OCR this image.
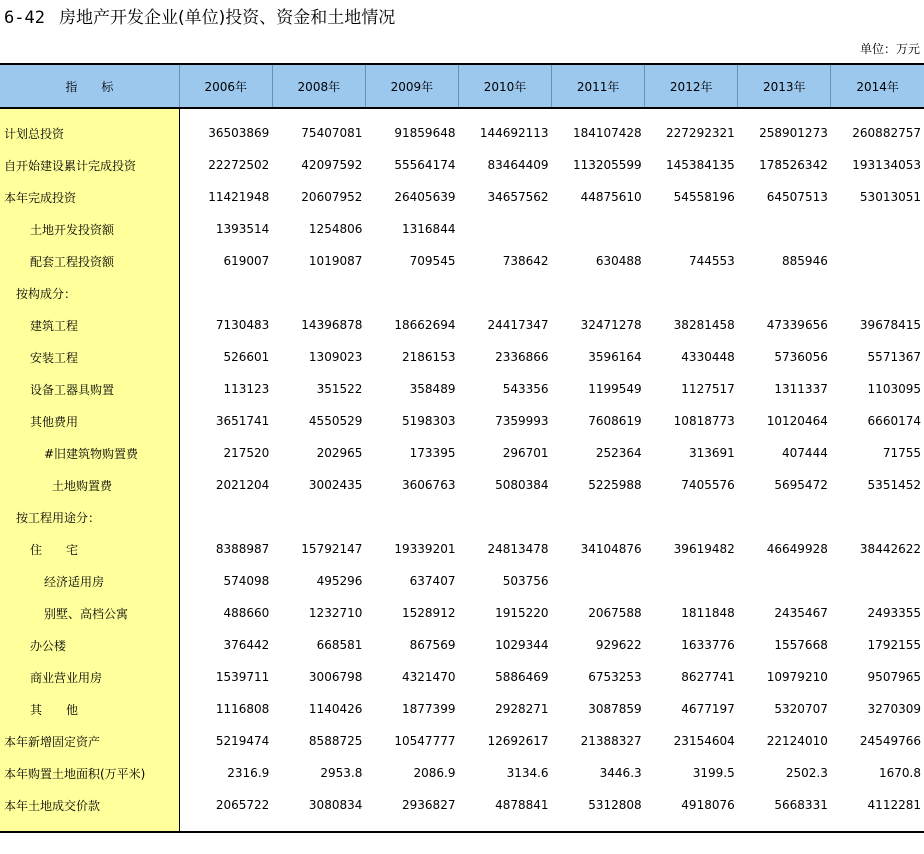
6-42 房地产开发企业(单位)投资、资金和土地情况
单位：万元
指　　标	2006年	2008年	2009年	2010年	2011年	2012年	2013年	2014年
计划总投资	36503869	75407081	91859648	144692113	184107428	227292321	258901273	260882757
自开始建设累计完成投资	22272502	42097592	55564174	83464409	113205599	145384135	178526342	193134053
本年完成投资	11421948	20607952	26405639	34657562	44875610	54558196	64507513	53013051
土地开发投资额	1393514	1254806	1316844					
配套工程投资额	619007	1019087	709545	738642	630488	744553	885946	
按构成分：								
建筑工程	7130483	14396878	18662694	24417347	32471278	38281458	47339656	39678415
安装工程	526601	1309023	2186153	2336866	3596164	4330448	5736056	5571367
设备工器具购置	113123	351522	358489	543356	1199549	1127517	1311337	1103095
其他费用	3651741	4550529	5198303	7359993	7608619	10818773	10120464	6660174
#旧建筑物购置费	217520	202965	173395	296701	252364	313691	407444	71755
土地购置费	2021204	3002435	3606763	5080384	5225988	7405576	5695472	5351452
按工程用途分：								
住　　宅	8388987	15792147	19339201	24813478	34104876	39619482	46649928	38442622
经济适用房	574098	495296	637407	503756				
别墅、高档公寓	488660	1232710	1528912	1915220	2067588	1811848	2435467	2493355
办公楼	376442	668581	867569	1029344	929622	1633776	1557668	1792155
商业营业用房	1539711	3006798	4321470	5886469	6753253	8627741	10979210	9507965
其　　他	1116808	1140426	1877399	2928271	3087859	4677197	5320707	3270309
本年新增固定资产	5219474	8588725	10547777	12692617	21388327	23154604	22124010	24549766
本年购置土地面积(万平米)	2316.9	2953.8	2086.9	3134.6	3446.3	3199.5	2502.3	1670.8
本年土地成交价款	2065722	3080834	2936827	4878841	5312808	4918076	5668331	4112281
